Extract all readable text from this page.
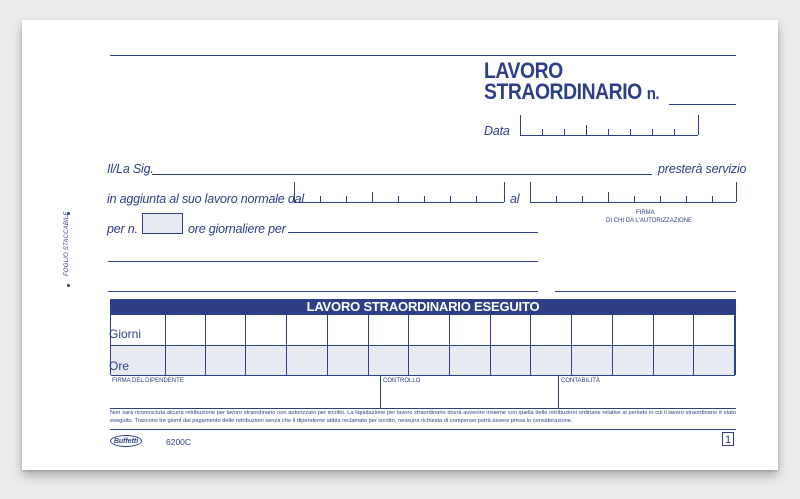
FOGLIO STACCABILE
LAVORO
STRAORDINARIO n.
Data
Il/La Sig.	presterà servizio
in aggiunta al suo lavoro normale dal	al
FIRMA
DI CHI DA L'AUTORIZZAZIONE
per n.	ore giornaliere per
LAVORO STRAORDINARIO ESEGUITO
Giorni
Ore
FIRMA DEL DIPENDENTE	CONTROLLO	CONTABILITÀ
Non sarà riconosciuta alcuna retribuzione per lavoro straordinario non autorizzato per iscritto. La liquidazione per lavoro straordinario dovrà avvenire insieme con quella delle retribuzioni ordinarie relative al periodo in cui il lavoro straordinario è stato eseguito. Trascorsi tre giorni dal pagamento delle retribuzioni senza che il dipendente abbia reclamato per iscritto, nessuna richiesta di compenso potrà essere presa in considerazione.
Buffetti	6200C	1
